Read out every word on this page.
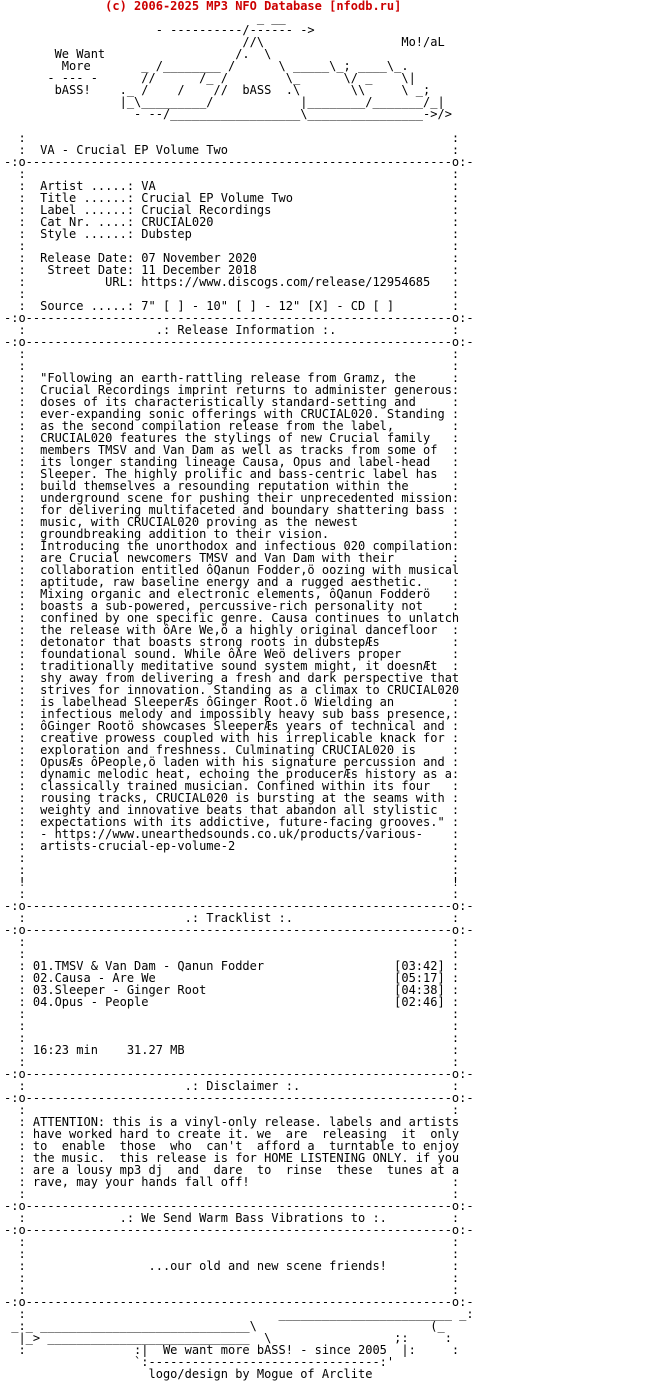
(c) 2006-2025 MP3 NFO Database [nfodb.ru]
_ __
- ----------/------ ->
//\                   Mo!/aL
We Want                  /.  \
More       _ /________ /      \ _____\_; ____\_.
- --- -      //      /_ /        \_      \/ _    \|
bASS!    ._ /    /    //  bASS  .\       \\     \ _;
|_\_________/            |________/_______/_|
- --/__________________\________________->/>
:                                                           :
:  VA - Crucial EP Volume Two                               :
-:o-----------------------------------------------------------o:-
:                                                           :
:  Artist .....: VA                                         :
:  Title ......: Crucial EP Volume Two                      :
:  Label ......: Crucial Recordings                         :
:  Cat Nr. ....: CRUCIAL020                                 :
:  Style ......: Dubstep                                    :
:                                                           :
:  Release Date: 07 November 2020                           :
:   Street Date: 11 December 2018                           :
:           URL: https://www.discogs.com/release/12954685   :
:                                                           :
:  Source .....: 7" [ ] - 10" [ ] - 12" [X] - CD [ ]        :
-:o-----------------------------------------------------------o:-
:                  .: Release Information :.                :
-:o-----------------------------------------------------------o:-
:                                                           :
:                                                           :
:  "Following an earth-rattling release from Gramz, the     :
:  Crucial Recordings imprint returns to administer generous:
:  doses of its characteristically standard-setting and     :
:  ever-expanding sonic offerings with CRUCIAL020. Standing :
:  as the second compilation release from the label,        :
:  CRUCIAL020 features the stylings of new Crucial family   :
:  members TMSV and Van Dam as well as tracks from some of  :
:  its longer standing lineage Causa, Opus and label-head   :
:  Sleeper. The highly prolific and bass-centric label has  :
:  build themselves a resounding reputation within the      :
:  underground scene for pushing their unprecedented mission:
:  for delivering multifaceted and boundary shattering bass :
:  music, with CRUCIAL020 proving as the newest             :
:  groundbreaking addition to their vision.                 :
:  Introducing the unorthodox and infectious 020 compilation:
:  are Crucial newcomers TMSV and Van Dam with their        :
:  collaboration entitled ôQanun Fodder,ö oozing with musical
:  aptitude, raw baseline energy and a rugged aesthetic.    :
:  Mixing organic and electronic elements, ôQanun Fodderö   :
:  boasts a sub-powered, percussive-rich personality not    :
:  confined by one specific genre. Causa continues to unlatch
:  the release with ôAre We,ö a highly original dancefloor  :
:  detonator that boasts strong roots in dubstepÆs          :
:  foundational sound. While ôAre Weö delivers proper       :
:  traditionally meditative sound system might, it doesnÆt  :
:  shy away from delivering a fresh and dark perspective that
:  strives for innovation. Standing as a climax to CRUCIAL020
:  is labelhead SleeperÆs ôGinger Root.ö Wielding an        :
:  infectious melody and impossibly heavy sub bass presence,:
:  ôGinger Rootö showcases SleeperÆs years of technical and :
:  creative prowess coupled with his irreplicable knack for :
:  exploration and freshness. Culminating CRUCIAL020 is     :
:  OpusÆs ôPeople,ö laden with his signature percussion and :
:  dynamic melodic heat, echoing the producerÆs history as a:
:  classically trained musician. Confined within its four   :
:  rousing tracks, CRUCIAL020 is bursting at the seams with :
:  weighty and innovative beats that abandon all stylistic  :
:  expectations with its addictive, future-facing grooves." :
:  - https://www.unearthedsounds.co.uk/products/various-    :
:  artists-crucial-ep-volume-2                              :
:                                                           :
:                                                           :
!                                                           !
:                                                           :
-:o-----------------------------------------------------------o:-
:                      .: Tracklist :.                      :
-:o-----------------------------------------------------------o:-
:                                                           :
:                                                           :
: 01.TMSV & Van Dam - Qanun Fodder                  [03:42] :
: 02.Causa - Are We                                 [05:17] :
: 03.Sleeper - Ginger Root                          [04:38] :
: 04.Opus - People                                  [02:46] :
:                                                           :
:                                                           :
:                                                           :
: 16:23 min    31.27 MB                                     :
:                                                           :
-:o-----------------------------------------------------------o:-
:                      .: Disclaimer :.                     :
-:o-----------------------------------------------------------o:-
:                                                           :
: ATTENTION: this is a vinyl-only release. labels and artists
: have worked hard to create it. we  are  releasing  it  only
: to  enable  those  who  can't  afford a  turntable to enjoy
: the music.  this release is for HOME LISTENING ONLY. if you
: are a lousy mp3 dj  and  dare  to  rinse  these  tunes at a
: rave, may your hands fall off!                            :
:                                                           :
-:o-----------------------------------------------------------o:-
:             .: We Send Warm Bass Vibrations to :.         :
-:o-----------------------------------------------------------o:-
:                                                           :
:                                                           :
:                 ...our old and new scene friends!         :
:                                                           :
:                                                           :
-:o-----------------------------------------------------------o:-
:                                   ________________________ _:
_:_ _____________________________\                        (_
|_> ____________________________  \                 ;:     :
:               :|  We want more bASS! - since 2005  |:     :
`:--------------------------------:'
logo/design by Mogue of Arclite
